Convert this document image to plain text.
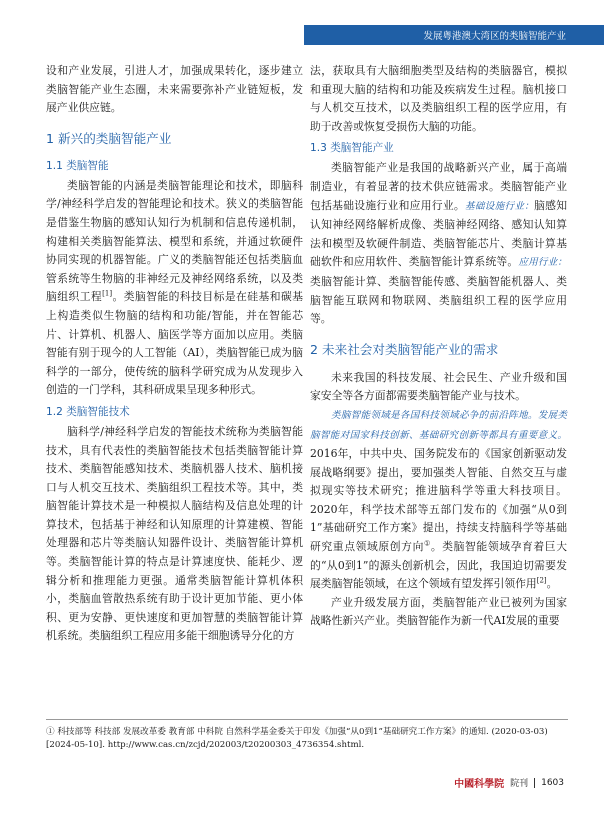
发展粤港澳大湾区的类脑智能产业

设和产业发展，引进人才，加强成果转化，逐步建立类脑智能产业生态圈，未来需要弥补产业链短板，发展产业供应链。

1 新兴的类脑智能产业
1.1 类脑智能

类脑智能的内涵是类脑智能理论和技术，即脑科学/神经科学启发的智能理论和技术。狭义的类脑智能是借鉴生物脑的感知认知行为机制和信息传递机制，构建相关类脑智能算法、模型和系统，并通过软硬件协同实现的机器智能。广义的类脑智能还包括类脑血管系统等生物脑的非神经元及神经网络系统，以及类脑组织工程[1]。类脑智能的科技目标是在硅基和碳基上构造类似生物脑的结构和功能/智能，并在智能芯片、计算机、机器人、脑医学等方面加以应用。类脑智能有别于现今的人工智能（AI），类脑智能已成为脑科学的一部分，使传统的脑科学研究成为从发现步入创造的一门学科，其科研成果呈现多种形式。

1.2 类脑智能技术

脑科学/神经科学启发的智能技术统称为类脑智能技术，具有代表性的类脑智能技术包括类脑智能计算技术、类脑智能感知技术、类脑机器人技术、脑机接口与人机交互技术、类脑组织工程技术等。其中，类脑智能计算技术是一种模拟人脑结构及信息处理的计算技术，包括基于神经和认知原理的计算建模、智能处理器和芯片等类脑认知器件设计、类脑智能计算机等。类脑智能计算的特点是计算速度快、能耗少、逻辑分析和推理能力更强。通常类脑智能计算机体积小，类脑血管散热系统有助于设计更加节能、更小体积、更为安静、更快速度和更加智慧的类脑智能计算机系统。类脑组织工程应用多能干细胞诱导分化的方

法，获取具有大脑细胞类型及结构的类脑器官，模拟和重现大脑的结构和功能及疾病发生过程。脑机接口与人机交互技术，以及类脑组织工程的医学应用，有助于改善或恢复受损伤大脑的功能。

1.3 类脑智能产业

类脑智能产业是我国的战略新兴产业，属于高端制造业，有着显著的技术供应链需求。类脑智能产业包括基础设施行业和应用行业。基础设施行业：脑感知认知神经网络解析成像、类脑神经网络、感知认知算法和模型及软硬件制造、类脑智能芯片、类脑计算基础软件和应用软件、类脑智能计算系统等。应用行业：类脑智能计算、类脑智能传感、类脑智能机器人、类脑智能互联网和物联网、类脑组织工程的医学应用等。

2 未来社会对类脑智能产业的需求

未来我国的科技发展、社会民生、产业升级和国家安全等各方面都需要类脑智能产业与技术。

类脑智能领域是各国科技领域必争的前沿阵地。发展类脑智能对国家科技创新、基础研究创新等都具有重要意义。2016年，中共中央、国务院发布的《国家创新驱动发展战略纲要》提出，要加强类人智能、自然交互与虚拟现实等技术研究；推进脑科学等重大科技项目。2020年，科学技术部等五部门发布的《加强“从0到1”基础研究工作方案》提出，持续支持脑科学等基础研究重点领域原创方向①。类脑智能领域孕育着巨大的“从0到1”的源头创新机会，因此，我国迫切需要发展类脑智能领域，在这个领域有望发挥引领作用[2]。

产业升级发展方面，类脑智能产业已被列为国家战略性新兴产业。类脑智能作为新一代AI发展的重要

① 科技部等 科技部 发展改革委 教育部 中科院 自然科学基金委关于印发《加强“从0到1”基础研究工作方案》的通知. (2020-03-03)[2024-05-10]. http://www.cas.cn/zcjd/202003/t20200303_4736354.shtml.
中國科學院 院刊 1603
